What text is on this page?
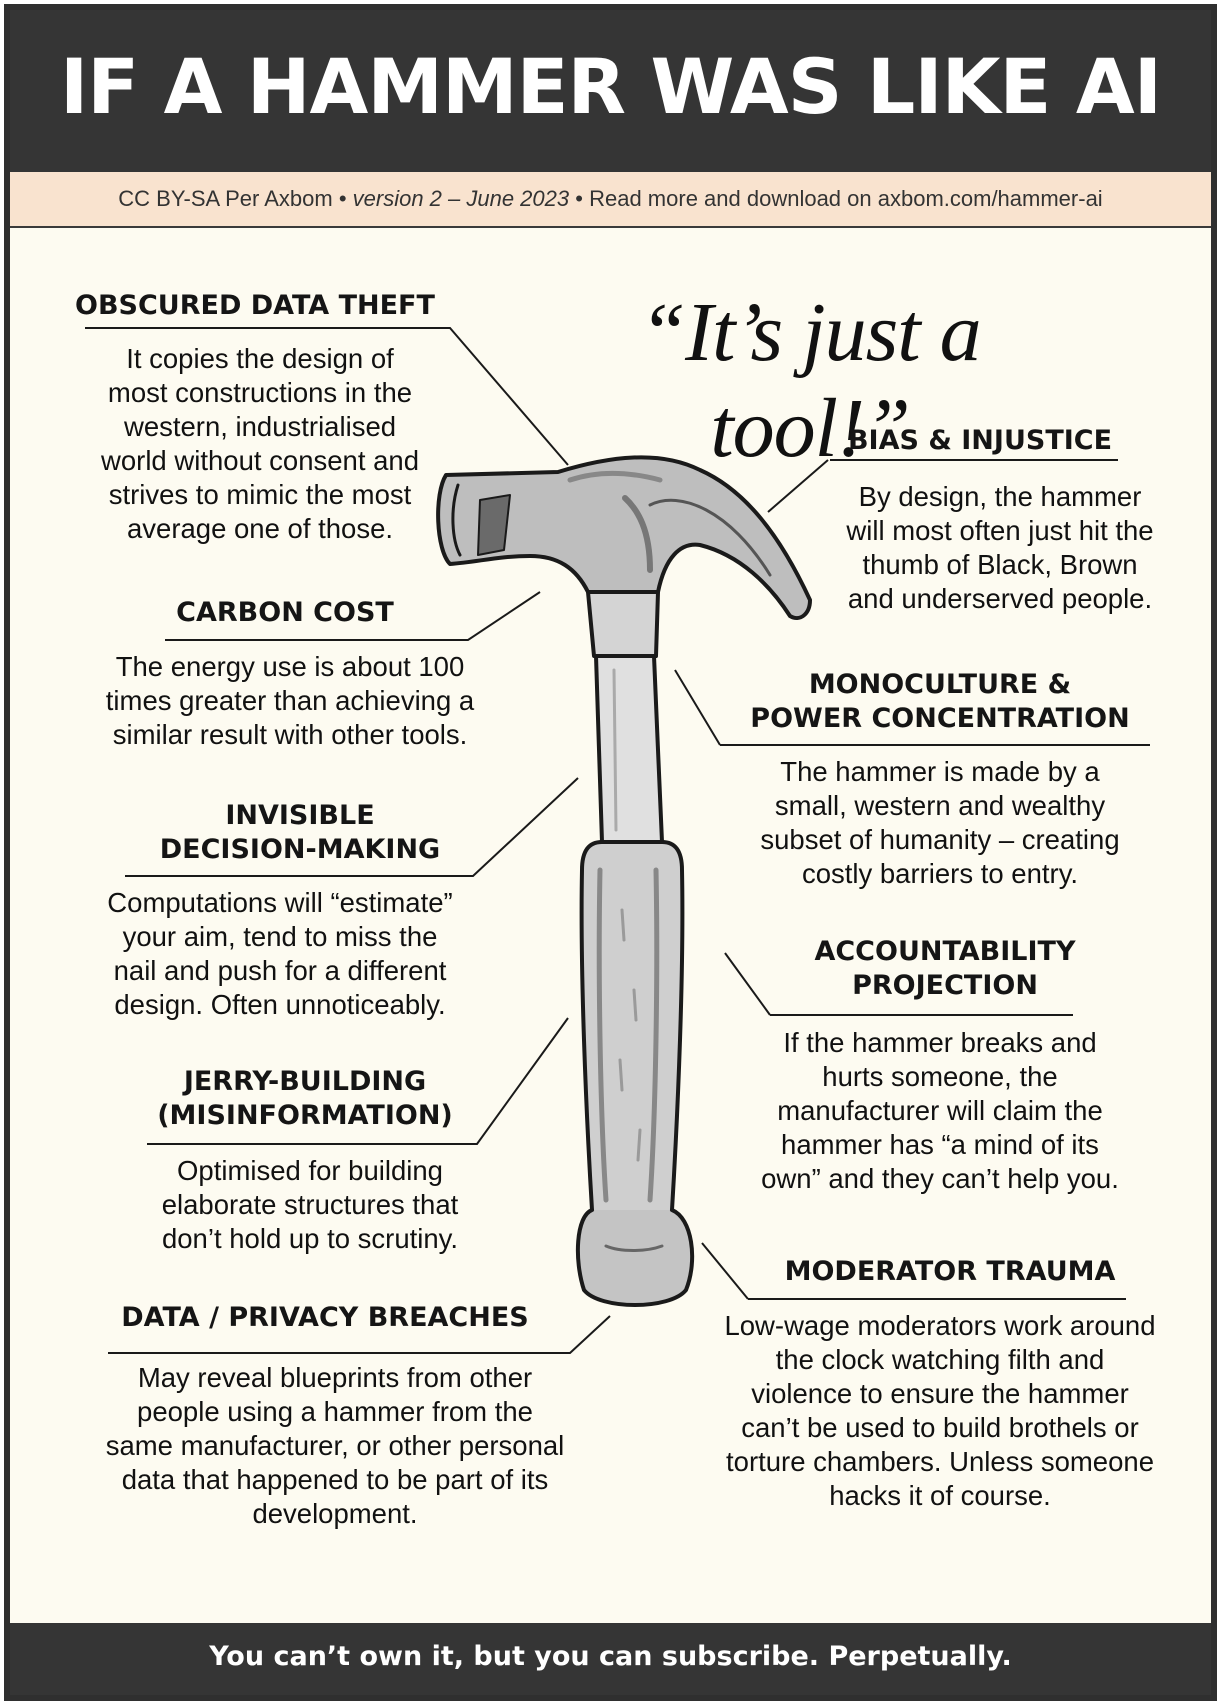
IF A HAMMER WAS LIKE AI
CC BY-SA Per Axbom • version 2 – June 2023 • Read more and download on axbom.com/hammer-ai
“It’s just a tool!”
OBSCURED DATA THEFT
It copies the design of
most constructions in the
western, industrialised
world without consent and
strives to mimic the most
average one of those.
CARBON COST
The energy use is about 100
times greater than achieving a
similar result with other tools.
INVISIBLE
DECISION-MAKING
Computations will “estimate”
your aim, tend to miss the
nail and push for a different
design. Often unnoticeably.
JERRY-BUILDING
(MISINFORMATION)
Optimised for building
elaborate structures that
don’t hold up to scrutiny.
DATA / PRIVACY BREACHES
May reveal blueprints from other
people using a hammer from the
same manufacturer, or other personal
data that happened to be part of its
development.
BIAS & INJUSTICE
By design, the hammer
will most often just hit the
thumb of Black, Brown
and underserved people.
MONOCULTURE &
POWER CONCENTRATION
The hammer is made by a
small, western and wealthy
subset of humanity – creating
costly barriers to entry.
ACCOUNTABILITY
PROJECTION
If the hammer breaks and
hurts someone, the
manufacturer will claim the
hammer has “a mind of its
own” and they can’t help you.
MODERATOR TRAUMA
Low-wage moderators work around
the clock watching filth and
violence to ensure the hammer
can’t be used to build brothels or
torture chambers. Unless someone
hacks it of course.
You can’t own it, but you can subscribe. Perpetually.
